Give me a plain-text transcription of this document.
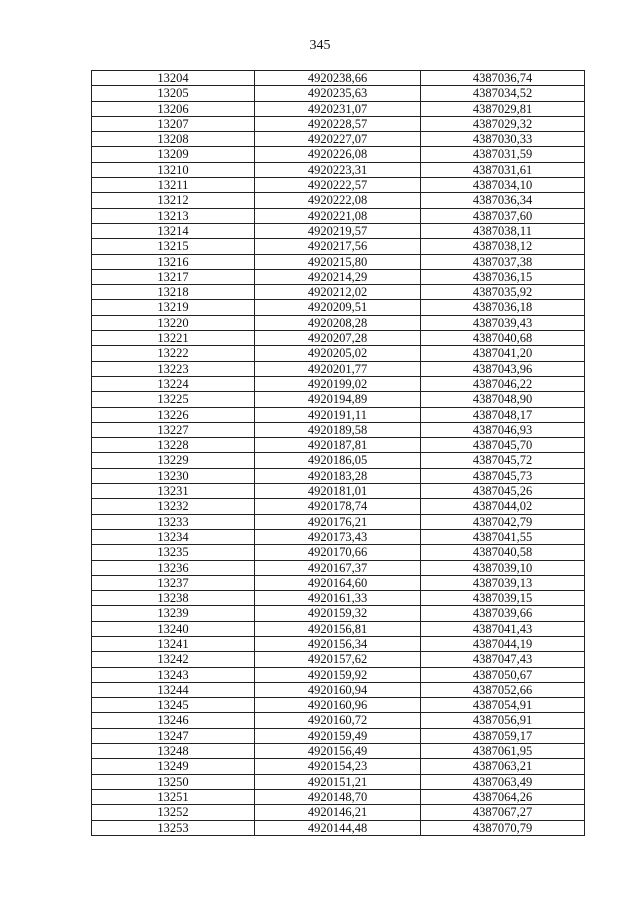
345
13204	4920238,66	4387036,74
13205	4920235,63	4387034,52
13206	4920231,07	4387029,81
13207	4920228,57	4387029,32
13208	4920227,07	4387030,33
13209	4920226,08	4387031,59
13210	4920223,31	4387031,61
13211	4920222,57	4387034,10
13212	4920222,08	4387036,34
13213	4920221,08	4387037,60
13214	4920219,57	4387038,11
13215	4920217,56	4387038,12
13216	4920215,80	4387037,38
13217	4920214,29	4387036,15
13218	4920212,02	4387035,92
13219	4920209,51	4387036,18
13220	4920208,28	4387039,43
13221	4920207,28	4387040,68
13222	4920205,02	4387041,20
13223	4920201,77	4387043,96
13224	4920199,02	4387046,22
13225	4920194,89	4387048,90
13226	4920191,11	4387048,17
13227	4920189,58	4387046,93
13228	4920187,81	4387045,70
13229	4920186,05	4387045,72
13230	4920183,28	4387045,73
13231	4920181,01	4387045,26
13232	4920178,74	4387044,02
13233	4920176,21	4387042,79
13234	4920173,43	4387041,55
13235	4920170,66	4387040,58
13236	4920167,37	4387039,10
13237	4920164,60	4387039,13
13238	4920161,33	4387039,15
13239	4920159,32	4387039,66
13240	4920156,81	4387041,43
13241	4920156,34	4387044,19
13242	4920157,62	4387047,43
13243	4920159,92	4387050,67
13244	4920160,94	4387052,66
13245	4920160,96	4387054,91
13246	4920160,72	4387056,91
13247	4920159,49	4387059,17
13248	4920156,49	4387061,95
13249	4920154,23	4387063,21
13250	4920151,21	4387063,49
13251	4920148,70	4387064,26
13252	4920146,21	4387067,27
13253	4920144,48	4387070,79
